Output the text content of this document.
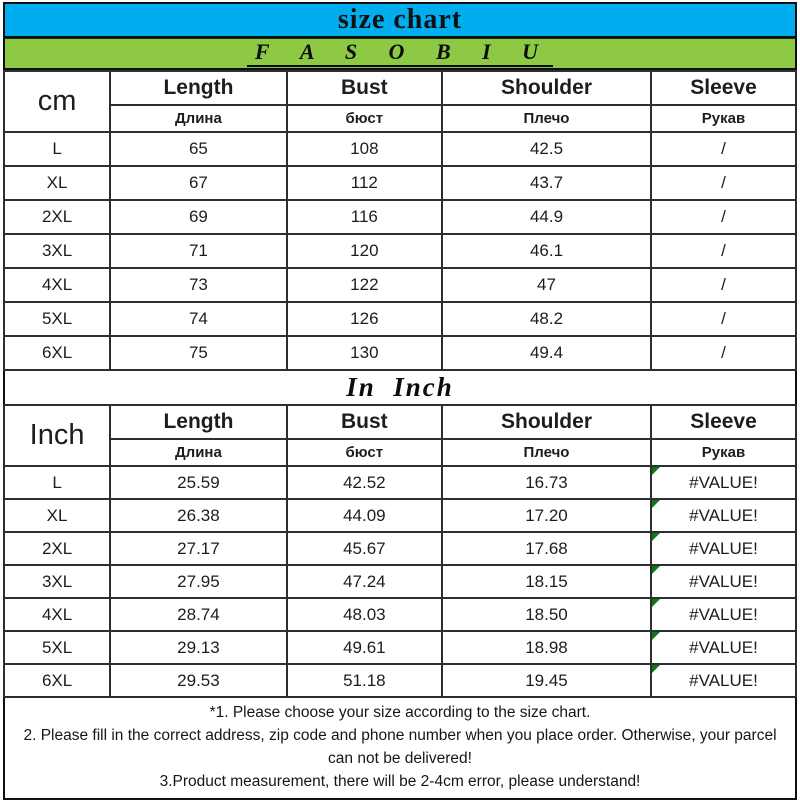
size chart
F A S O B I U
cm	Length	Bust	Shoulder	Sleeve
	Длина	бюст	Плечо	Рукав
L	65	108	42.5	/
XL	67	112	43.7	/
2XL	69	116	44.9	/
3XL	71	120	46.1	/
4XL	73	122	47	/
5XL	74	126	48.2	/
6XL	75	130	49.4	/
In  Inch
Inch	Length	Bust	Shoulder	Sleeve
	Длина	бюст	Плечо	Рукав
L	25.59	42.52	16.73	#VALUE!
XL	26.38	44.09	17.20	#VALUE!
2XL	27.17	45.67	17.68	#VALUE!
3XL	27.95	47.24	18.15	#VALUE!
4XL	28.74	48.03	18.50	#VALUE!
5XL	29.13	49.61	18.98	#VALUE!
6XL	29.53	51.18	19.45	#VALUE!
*1. Please choose your size according to the size chart.
2. Please fill in the correct address, zip code and phone number when you place order. Otherwise, your parcel can not be delivered!
3.Product measurement, there will be 2-4cm error, please understand!
